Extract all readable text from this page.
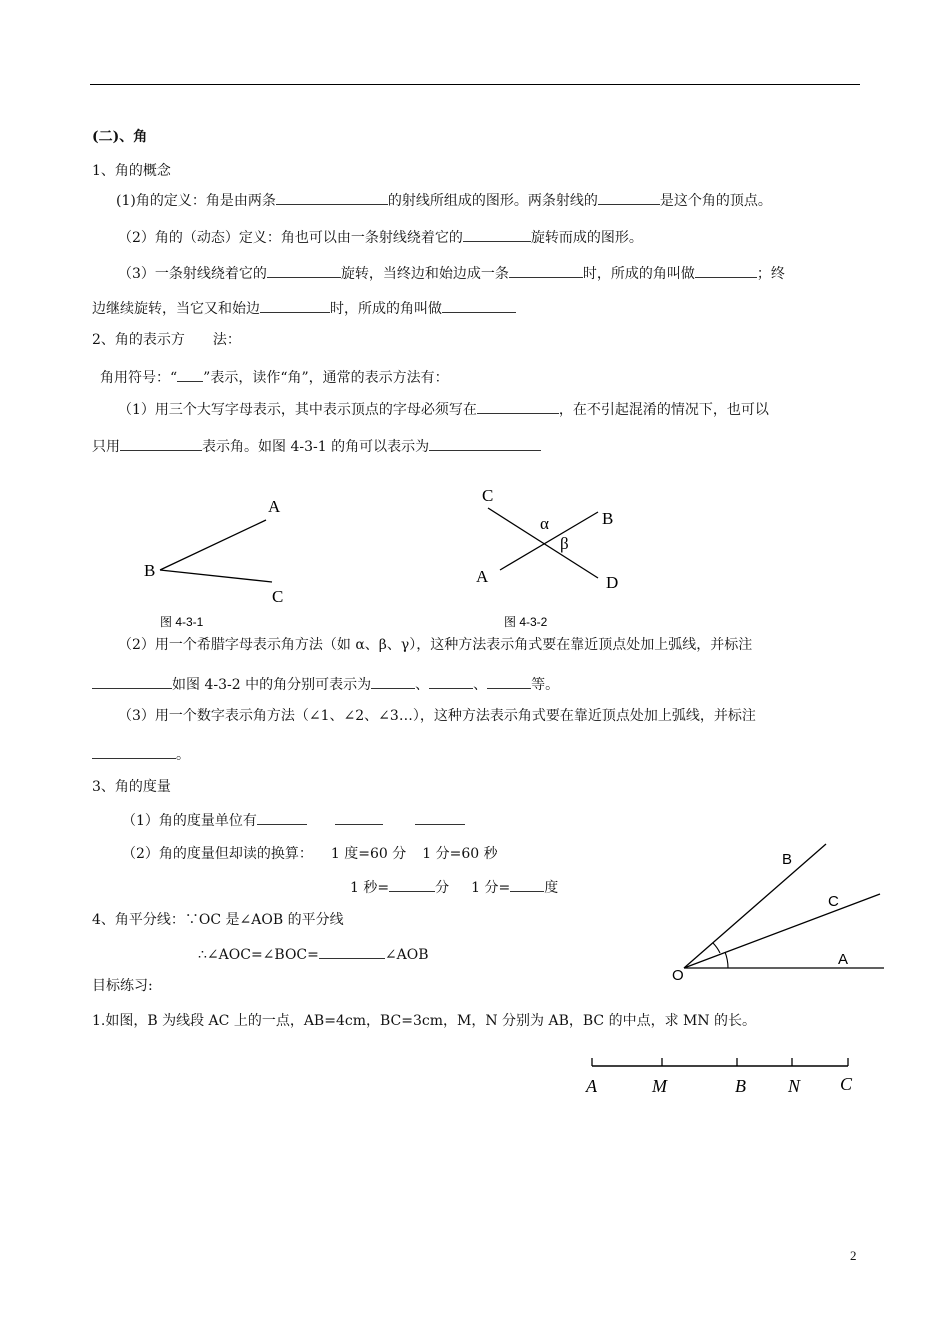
(二)、角
1、角的概念
(1)角的定义：角是由两条	的射线所组成的图形。两条射线的	是这个角的顶点。
（2）角的（动态）定义：角也可以由一条射线绕着它的	旋转而成的图形。
（3）一条射线绕着它的	旋转，当终边和始边成一条	时，所成的角叫做	；终
边继续旋转，当它又和始边	时，所成的角叫做
2、角的表示方　　法：
角用符号：“ ”表示，读作“角”，通常的表示方法有：
（1）用三个大写字母表示，其中表示顶点的字母必须写在	，在不引起混淆的情况下，也可以
只用	表示角。如图 4-3-1 的角可以表示为
A
B
C
图 4-3-1
C
B
A	D
α
β
图 4-3-2
（2）用一个希腊字母表示角方法（如 α、β、γ），这种方法表示角式要在靠近顶点处加上弧线，并标注
如图 4-3-2 中的角分别可表示为	、	、	等。
（3）用一个数字表示角方法（∠1、∠2、∠3…），这种方法表示角式要在靠近顶点处加上弧线，并标注
。
3、角的度量
（1）角的度量单位有
（2）角的度量但却读的换算： 1 度=60 分 1 分=60 秒
1 秒=	分 1 分= 度
4、角平分线：∵OC 是∠AOB 的平分线
∴∠AOC=∠BOC=	∠AOB
O
A
B
C
目标练习:
1.如图，B 为线段 AC 上的一点，AB=4cm，BC=3cm，M，N 分别为 AB，BC 的中点，求 MN 的长。
A	M	B N C
2
